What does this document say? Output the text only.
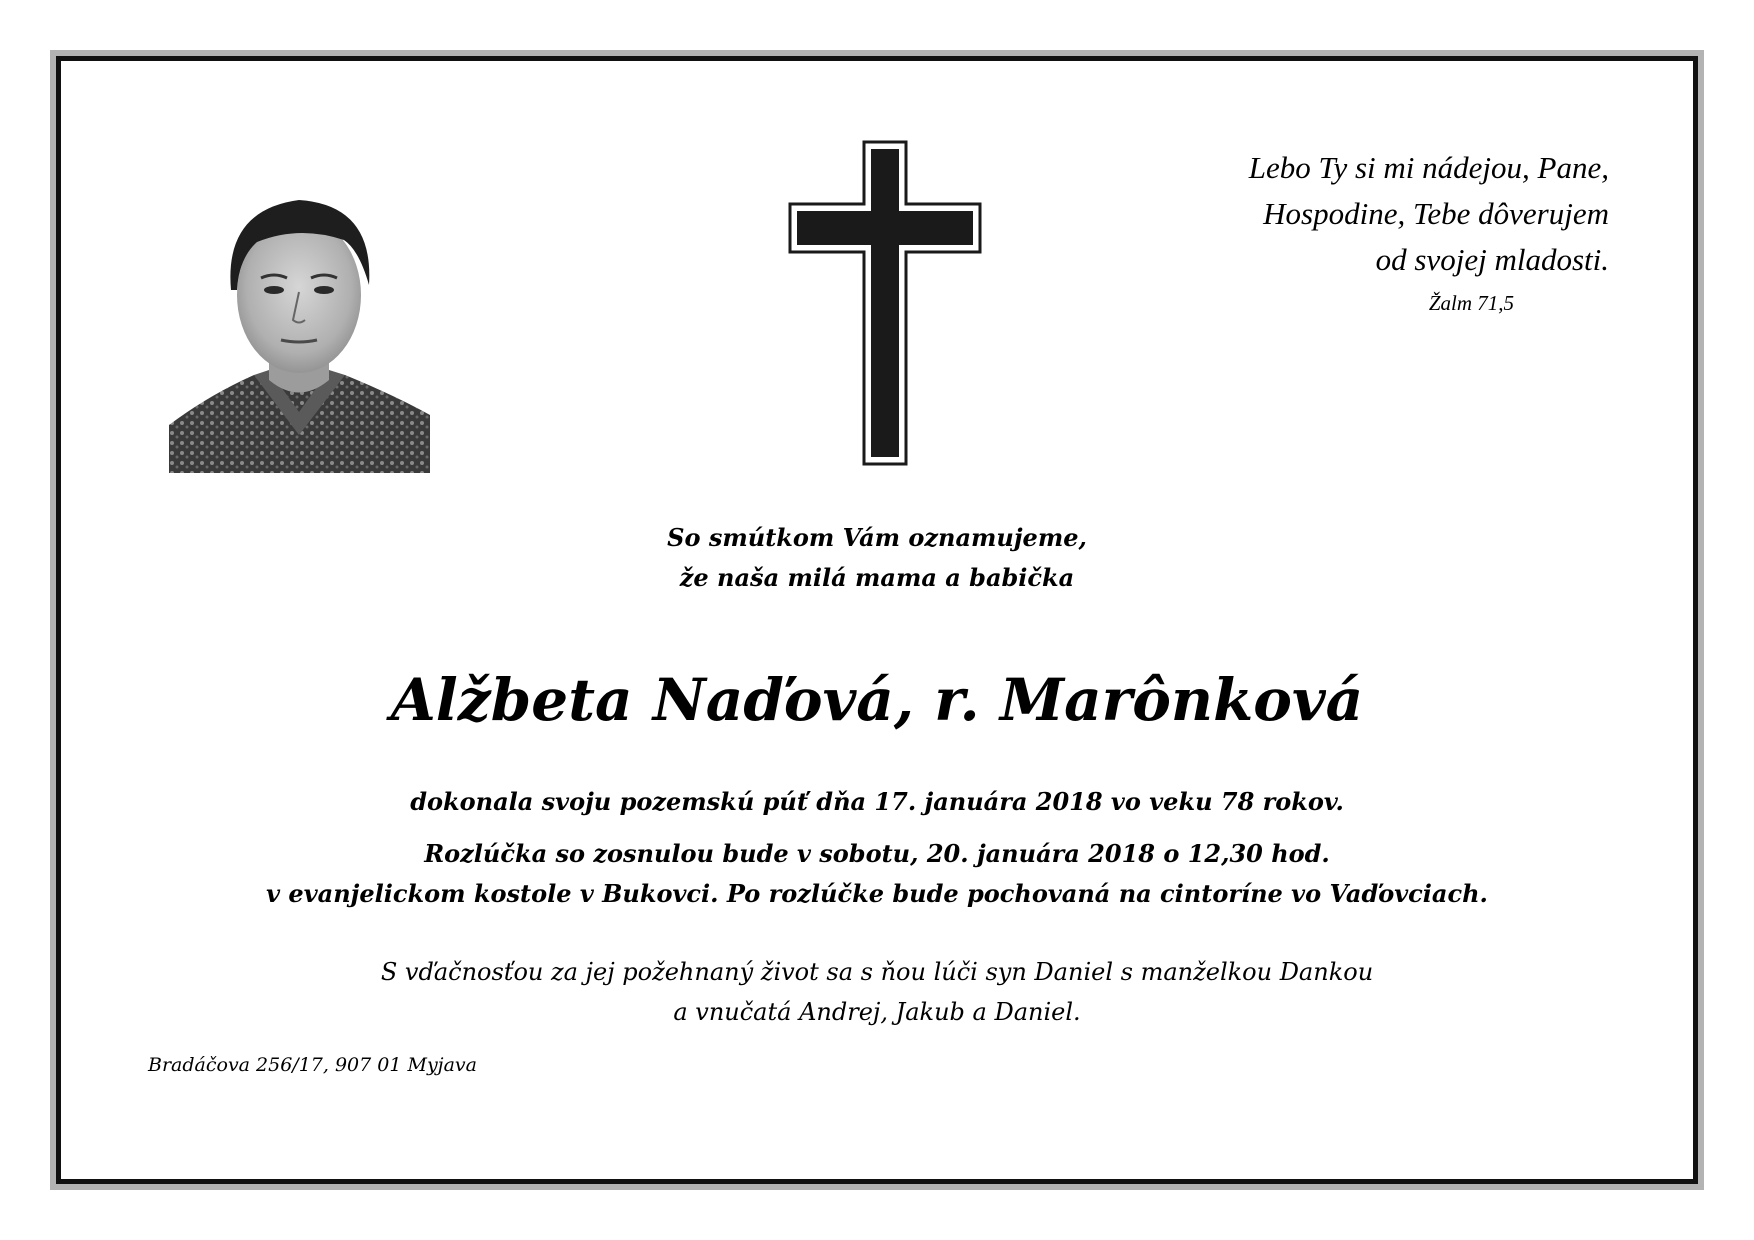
Lebo Ty si mi nádejou, Pane,
Hospodine, Tebe dôverujem
od svojej mladosti.
Žalm 71,5
So smútkom Vám oznamujeme,
že naša milá mama a babička
Alžbeta Naďová, r. Marônková
dokonala svoju pozemskú púť dňa 17. januára 2018 vo veku 78 rokov.
Rozlúčka so zosnulou bude v sobotu, 20. januára 2018 o 12,30 hod.
v evanjelickom kostole v Bukovci. Po rozlúčke bude pochovaná na cintoríne vo Vaďovciach.
S vďačnosťou za jej požehnaný život sa s ňou lúči syn Daniel s manželkou Dankou
a vnučatá Andrej, Jakub a Daniel.
Bradáčova 256/17, 907 01 Myjava
